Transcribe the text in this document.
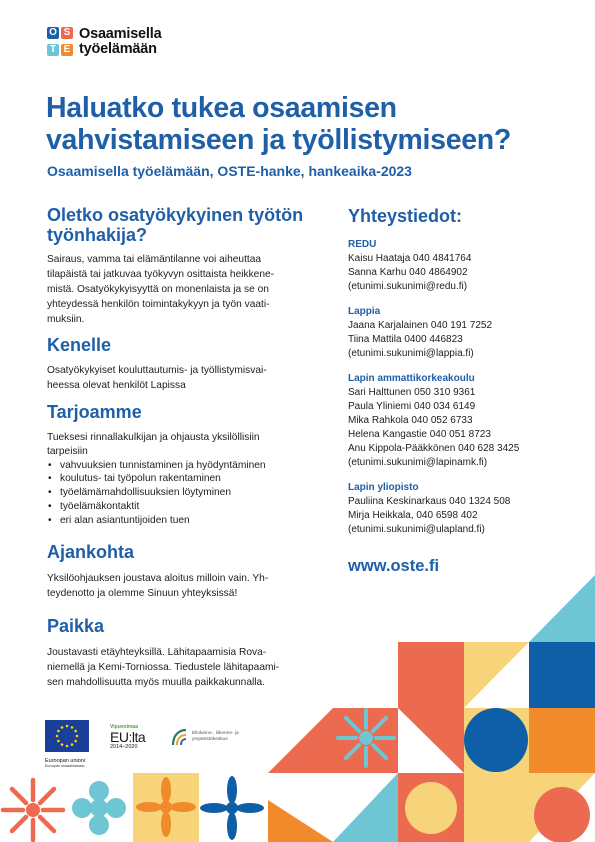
O S
T E
Osaamisella
työelämään
Haluatko tukea osaamisen
vahvistamiseen ja työllistymiseen?
Osaamisella työelämään, OSTE-hanke, hankeaika-2023
Oletko osatyökykyinen työtön
työnhakija?

Sairaus, vamma tai elämäntilanne voi aiheuttaa
tilapäistä tai jatkuvaa työkyvyn osittaista heikkene-
mistä. Osatyökykyisyyttä on monenlaista ja se on
yhteydessä henkilön toimintakykyyn ja työn vaati-
muksiin.

Kenelle

Osatyökykyiset kouluttautumis- ja työllistymisvai-
heessa olevat henkilöt Lapissa

Tarjoamme

Tueksesi rinnallakulkijan ja ohjausta yksilöllisiin
tarpeisiin

• vahvuuksien tunnistaminen ja hyödyntäminen
• koulutus- tai työpolun rakentaminen
• työelämämahdollisuuksien löytyminen
• työelämäkontaktit
• eri alan asiantuntijoiden tuen
Ajankohta

Yksilöohjauksen joustava aloitus milloin vain. Yh-
teydenotto ja olemme Sinuun yhteyksissä!

Paikka

Joustavasti etäyhteyksillä. Lähitapaamisia Rova-
niemellä ja Kemi-Torniossa. Tiedustele lähitapaami-
sen mahdollisuutta myös muulla paikkakunnalla.

Yhteystiedot:
REDU
Kaisu Haataja 040 4841764
Sanna Karhu 040 4864902
(etunimi.sukunimi@redu.fi)
Lappia
Jaana Karjalainen 040 191 7252
Tiina Mattila 0400 446823
(etunimi.sukunimi@lappia.fi)
Lapin ammattikorkeakoulu
Sari Halttunen 050 310 9361
Paula Yliniemi 040 034 6149
Mika Rahkola 040 052 6733
Helena Kangastie 040 051 8723
Anu Kippola-Pääkkönen 040 628 3425
(etunimi.sukunimi@lapinamk.fi)
Lapin yliopisto
Pauliina Keskinarkaus 040 1324 508
Mirja Heikkala, 040 6598 402
(etunimi.sukunimi@ulapland.fi)
www.oste.fi
Euroopan unioni
Euroopan sosiaalirahasto
Vipuvoimaa
EU:lta
2014–2020
Elinkeino-, liikenne- ja
ympäristökeskus
